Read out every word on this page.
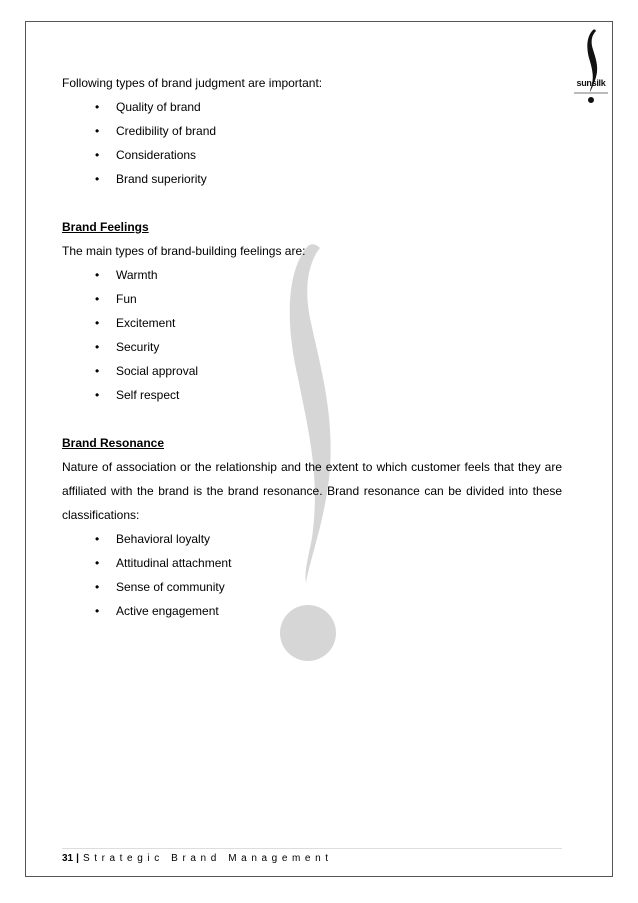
sunsilk

Following types of brand judgment are important:

• Quality of brand
• Credibility of brand
• Considerations
• Brand superiority

Brand Feelings

The main types of brand-building feelings are:

• Warmth
• Fun
• Excitement
• Security
• Social approval
• Self respect

Brand Resonance

Nature of association or the relationship and the extent to which customer feels that they are affiliated with the brand is the brand resonance. Brand resonance can be divided into these classifications:

• Behavioral loyalty
• Attitudinal attachment
• Sense of community
• Active engagement
31 | Strategic Brand Management
